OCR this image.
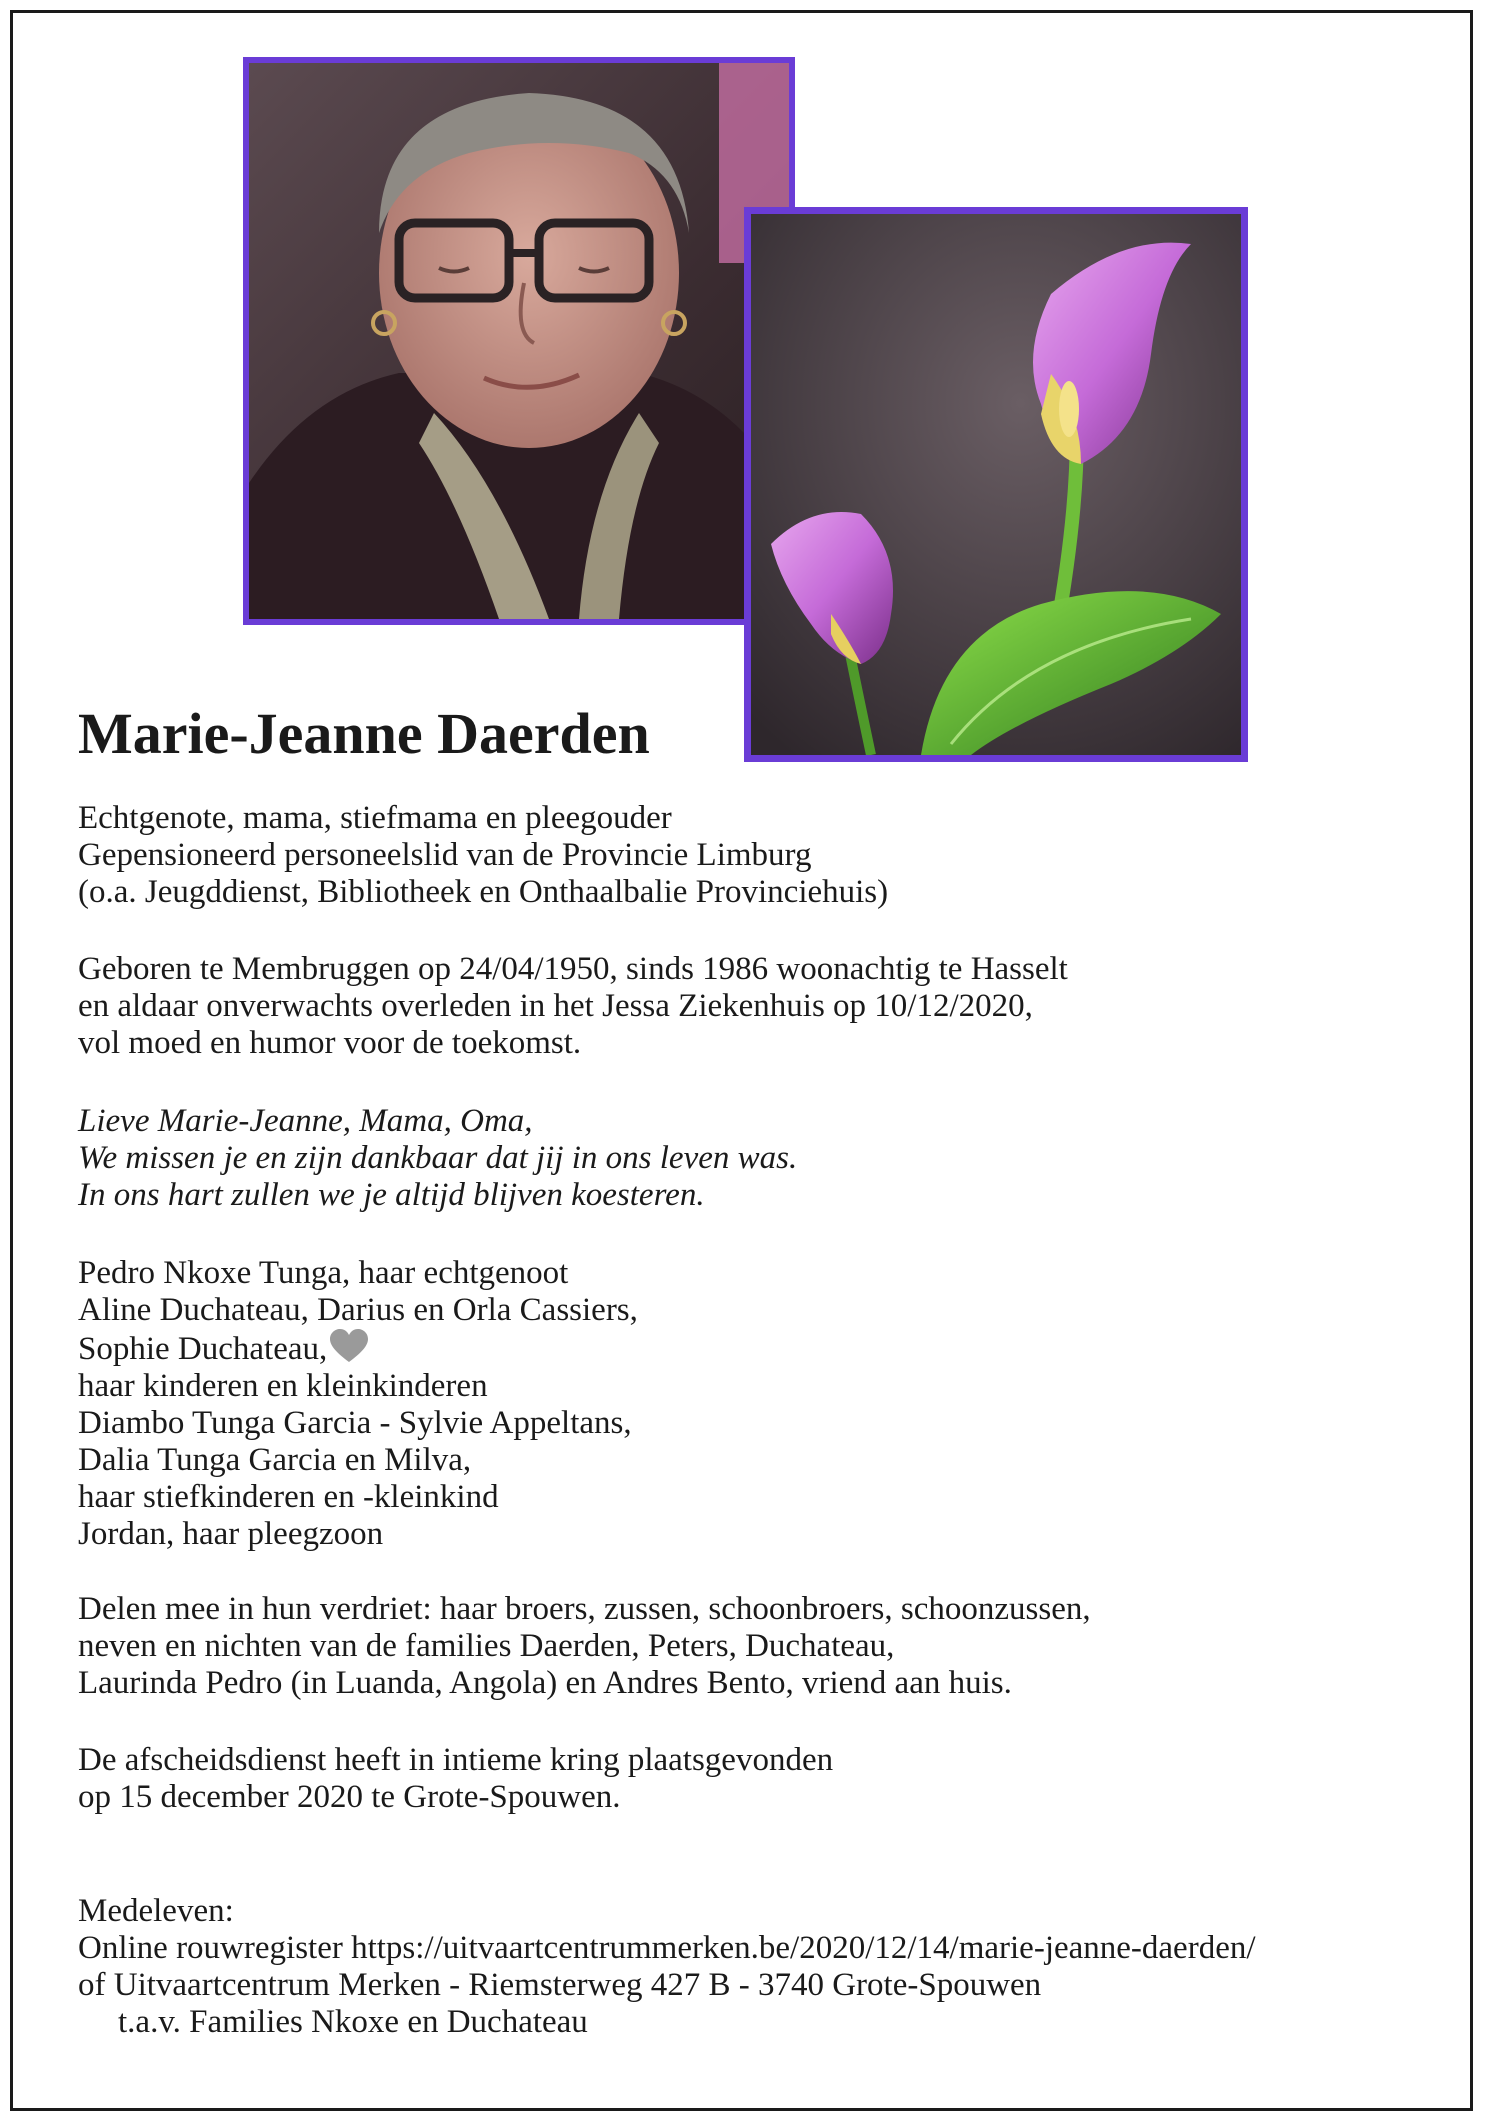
Marie-Jeanne Daerden
Echtgenote, mama, stiefmama en pleegouder
Gepensioneerd personeelslid van de Provincie Limburg
(o.a. Jeugddienst, Bibliotheek en Onthaalbalie Provinciehuis)
Geboren te Membruggen op 24/04/1950, sinds 1986 woonachtig te Hasselt
en aldaar onverwachts overleden in het Jessa Ziekenhuis op 10/12/2020,
vol moed en humor voor de toekomst.
Lieve Marie-Jeanne, Mama, Oma,
We missen je en zijn dankbaar dat jij in ons leven was.
In ons hart zullen we je altijd blijven koesteren.
Pedro Nkoxe Tunga, haar echtgenoot
Aline Duchateau, Darius en Orla Cassiers,
Sophie Duchateau,
haar kinderen en kleinkinderen
Diambo Tunga Garcia - Sylvie Appeltans,
Dalia Tunga Garcia en Milva,
haar stiefkinderen en -kleinkind
Jordan, haar pleegzoon
Delen mee in hun verdriet: haar broers, zussen, schoonbroers, schoonzussen,
neven en nichten van de families Daerden, Peters, Duchateau,
Laurinda Pedro (in Luanda, Angola) en Andres Bento, vriend aan huis.
De afscheidsdienst heeft in intieme kring plaatsgevonden
op 15 december 2020 te Grote-Spouwen.
Medeleven:
Online rouwregister https://uitvaartcentrummerken.be/2020/12/14/marie-jeanne-daerden/
of Uitvaartcentrum Merken - Riemsterweg 427 B - 3740 Grote-Spouwen
t.a.v. Families Nkoxe en Duchateau
